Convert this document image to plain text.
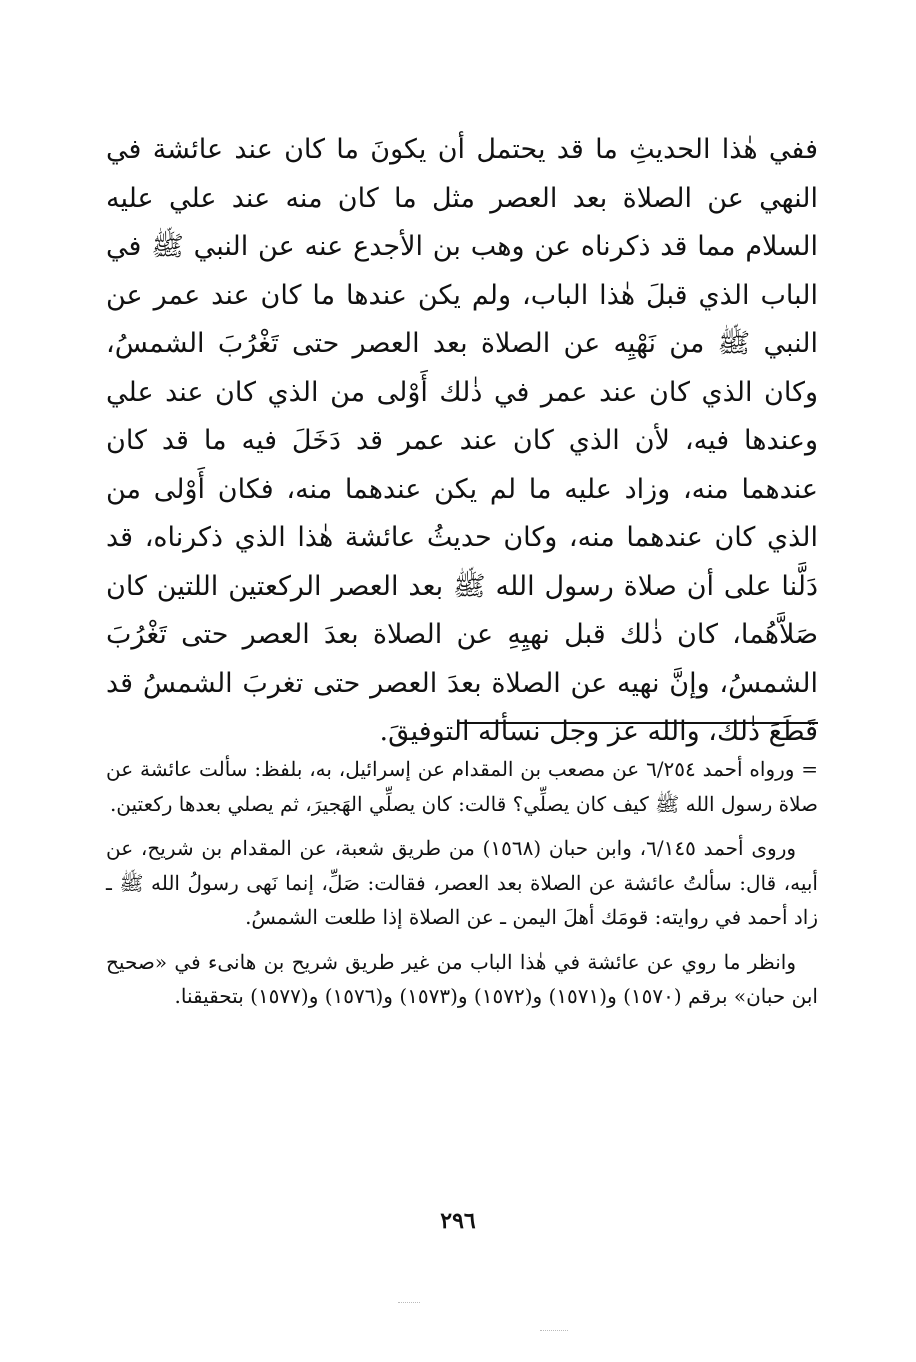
ففي هٰذا الحديثِ ما قد يحتمل أن يكونَ ما كان عند عائشة في النهي عن الصلاة بعد العصر مثل ما كان منه عند علي عليه السلام مما قد ذكرناه عن وهب بن الأجدع عنه عن النبي ﷺ في الباب الذي قبلَ هٰذا الباب، ولم يكن عندها ما كان عند عمر عن النبي ﷺ من نَهْيِه عن الصلاة بعد العصر حتى تَغْرُبَ الشمسُ، وكان الذي كان عند عمر في ذٰلك أَوْلى من الذي كان عند علي وعندها فيه، لأن الذي كان عند عمر قد دَخَلَ فيه ما قد كان عندهما منه، وزاد عليه ما لم يكن عندهما منه، فكان أَوْلى من الذي كان عندهما منه، وكان حديثُ عائشة هٰذا الذي ذكرناه، قد دَلَّنا على أن صلاة رسول الله ﷺ بعد العصر الركعتين اللتين كان صَلاَّهُما، كان ذٰلك قبل نهيِهِ عن الصلاة بعدَ العصر حتى تَغْرُبَ الشمسُ، وإنَّ نهيه عن الصلاة بعدَ العصر حتى تغربَ الشمسُ قد قَطَعَ ذٰلك، والله عز وجل نسأله التوفيقَ.

= ورواه أحمد ٦/٢٥٤ عن مصعب بن المقدام عن إسرائيل، به، بلفظ: سألت عائشة عن صلاة رسول الله ﷺ كيف كان يصلِّي؟ قالت: كان يصلِّي الهَجيرَ، ثم يصلي بعدها ركعتين.

وروى أحمد ٦/١٤٥، وابن حبان (١٥٦٨) من طريق شعبة، عن المقدام بن شريح، عن أبيه، قال: سألتُ عائشة عن الصلاة بعد العصر، فقالت: صَلِّ، إنما نَهى رسولُ الله ﷺ ـ زاد أحمد في روايته: قومَك أهلَ اليمن ـ عن الصلاة إذا طلعت الشمسُ.

وانظر ما روي عن عائشة في هٰذا الباب من غير طريق شريح بن هانىء في «صحيح ابن حبان» برقم (١٥٧٠) و(١٥٧١) و(١٥٧٢) و(١٥٧٣) و(١٥٧٦) و(١٥٧٧) بتحقيقنا.

٢٩٦
